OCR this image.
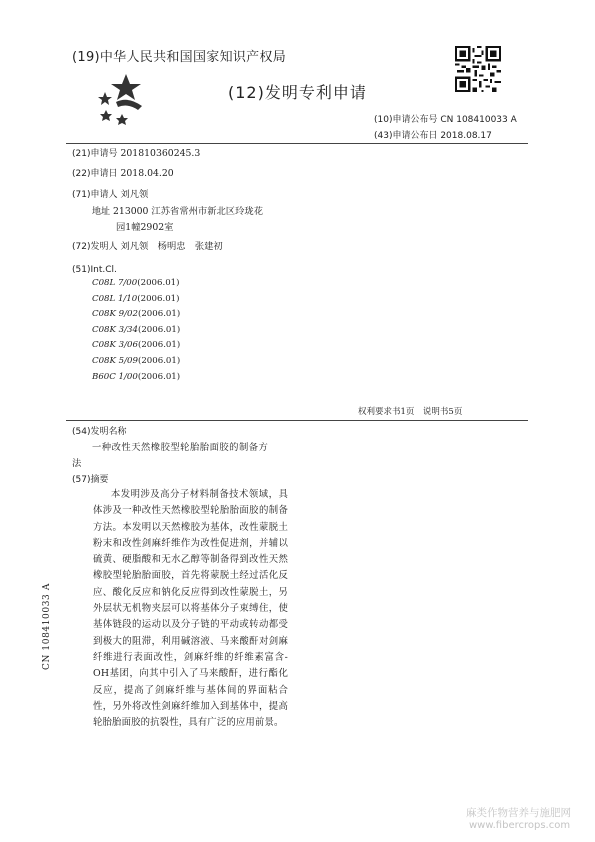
(19)中华人民共和国国家知识产权局
(12)发明专利申请
(10)申请公布号 CN 108410033 A
(43)申请公布日 2018.08.17
(21)申请号 201810360245.3
(22)申请日 2018.04.20
(71)申请人 刘凡领
地址 213000 江苏省常州市新北区玲珑花
园1幢2902室
(72)发明人 刘凡领　杨明忠　张建初
(51)Int.Cl.
C08L 7/00(2006.01)
C08L 1/10(2006.01)
C08K 9/02(2006.01)
C08K 3/34(2006.01)
C08K 3/06(2006.01)
C08K 5/09(2006.01)
B60C 1/00(2006.01)
权利要求书1页　说明书5页
(54)发明名称
一种改性天然橡胶型轮胎胎面胶的制备方
法
(57)摘要
本发明涉及高分子材料制备技术领域，具体涉及一种改性天然橡胶型轮胎胎面胶的制备方法。本发明以天然橡胶为基体，改性蒙脱土粉末和改性剑麻纤维作为改性促进剂，并辅以硫黄、硬脂酸和无水乙醇等制备得到改性天然橡胶型轮胎胎面胶，首先将蒙脱土经过活化反应、酸化反应和钠化反应得到改性蒙脱土，另外层状无机物夹层可以将基体分子束缚住，使基体链段的运动以及分子链的平动或转动都受到极大的阻滞，利用碱溶液、马来酸酐对剑麻纤维进行表面改性，剑麻纤维的纤维素富含-OH基团，向其中引入了马来酸酐，进行酯化反应，提高了剑麻纤维与基体间的界面粘合性，另外将改性剑麻纤维加入到基体中，提高轮胎胎面胶的抗裂性，具有广泛的应用前景。
CN 108410033 A
麻类作物营养与施肥网
www.fibercrops.com
